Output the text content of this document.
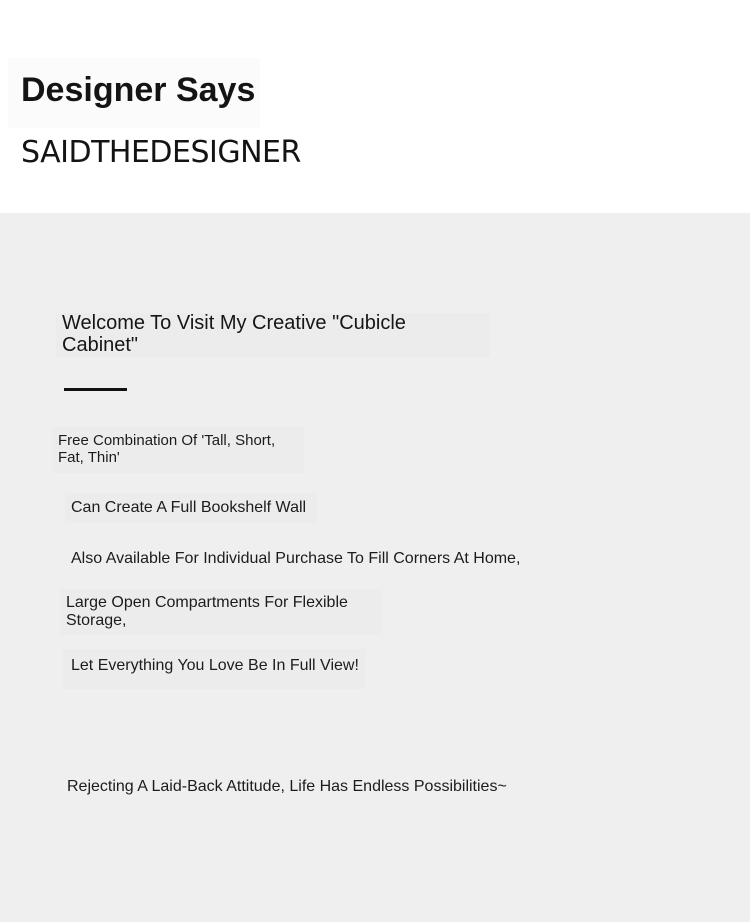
Designer Says
SAIDTHEDESIGNER
Welcome To Visit My Creative "Cubicle Cabinet"
Free Combination Of 'Tall, Short, Fat, Thin'
Can Create A Full Bookshelf Wall
Also Available For Individual Purchase To Fill Corners At Home,
Large Open Compartments For Flexible Storage,
Let Everything You Love Be In Full View!
Rejecting A Laid-Back Attitude, Life Has Endless Possibilities~
